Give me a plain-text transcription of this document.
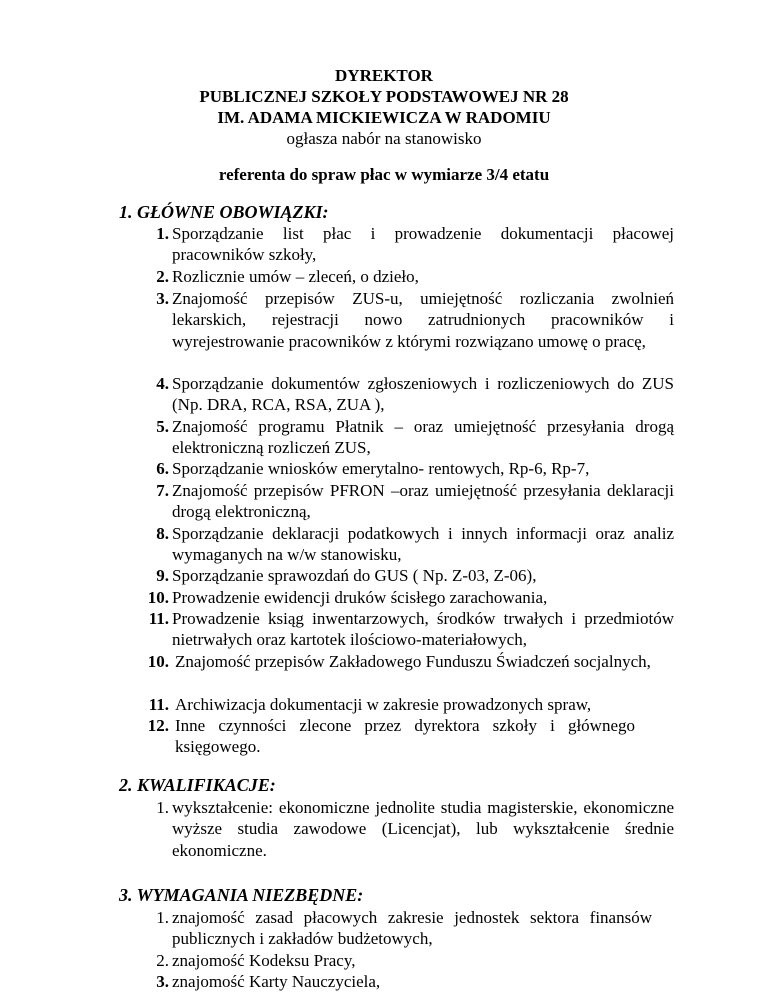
DYREKTOR
PUBLICZNEJ SZKOŁY PODSTAWOWEJ NR 28
IM. ADAMA MICKIEWICZA W RADOMIU
ogłasza nabór na stanowisko
referenta do spraw płac w wymiarze 3/4 etatu
1. GŁÓWNE OBOWIĄZKI:
1. Sporządzanie list płac i prowadzenie dokumentacji płacowej pracowników szkoły,
2. Rozlicznie umów – zleceń, o dzieło,
3. Znajomość przepisów ZUS-u, umiejętność rozliczania zwolnień lekarskich, rejestracji nowo zatrudnionych pracowników i wyrejestrowanie pracowników z którymi rozwiązano umowę o pracę,
4. Sporządzanie dokumentów zgłoszeniowych i rozliczeniowych do ZUS (Np. DRA, RCA, RSA, ZUA ),
5. Znajomość programu Płatnik – oraz umiejętność przesyłania drogą elektroniczną rozliczeń ZUS,
6. Sporządzanie wniosków emerytalno- rentowych, Rp-6, Rp-7,
7. Znajomość przepisów PFRON –oraz umiejętność przesyłania deklaracji drogą elektroniczną,
8. Sporządzanie deklaracji podatkowych i innych informacji oraz analiz wymaganych na w/w stanowisku,
9. Sporządzanie sprawozdań do GUS ( Np. Z-03, Z-06),
10. Prowadzenie ewidencji druków ścisłego zarachowania,
11. Prowadzenie ksiąg inwentarzowych, środków trwałych i przedmiotów nietrwałych oraz kartotek ilościowo-materiałowych,
10. Znajomość przepisów Zakładowego Funduszu Świadczeń socjalnych,
11. Archiwizacja dokumentacji w zakresie prowadzonych spraw,
12. Inne czynności zlecone przez dyrektora szkoły i głównego księgowego.
2. KWALIFIKACJE:
1. wykształcenie: ekonomiczne jednolite studia magisterskie, ekonomiczne wyższe studia zawodowe (Licencjat), lub wykształcenie średnie ekonomiczne.
3. WYMAGANIA NIEZBĘDNE:
1. znajomość zasad płacowych zakresie jednostek sektora finansów publicznych i zakładów budżetowych,
2. znajomość Kodeksu Pracy,
3. znajomość Karty Nauczyciela,
